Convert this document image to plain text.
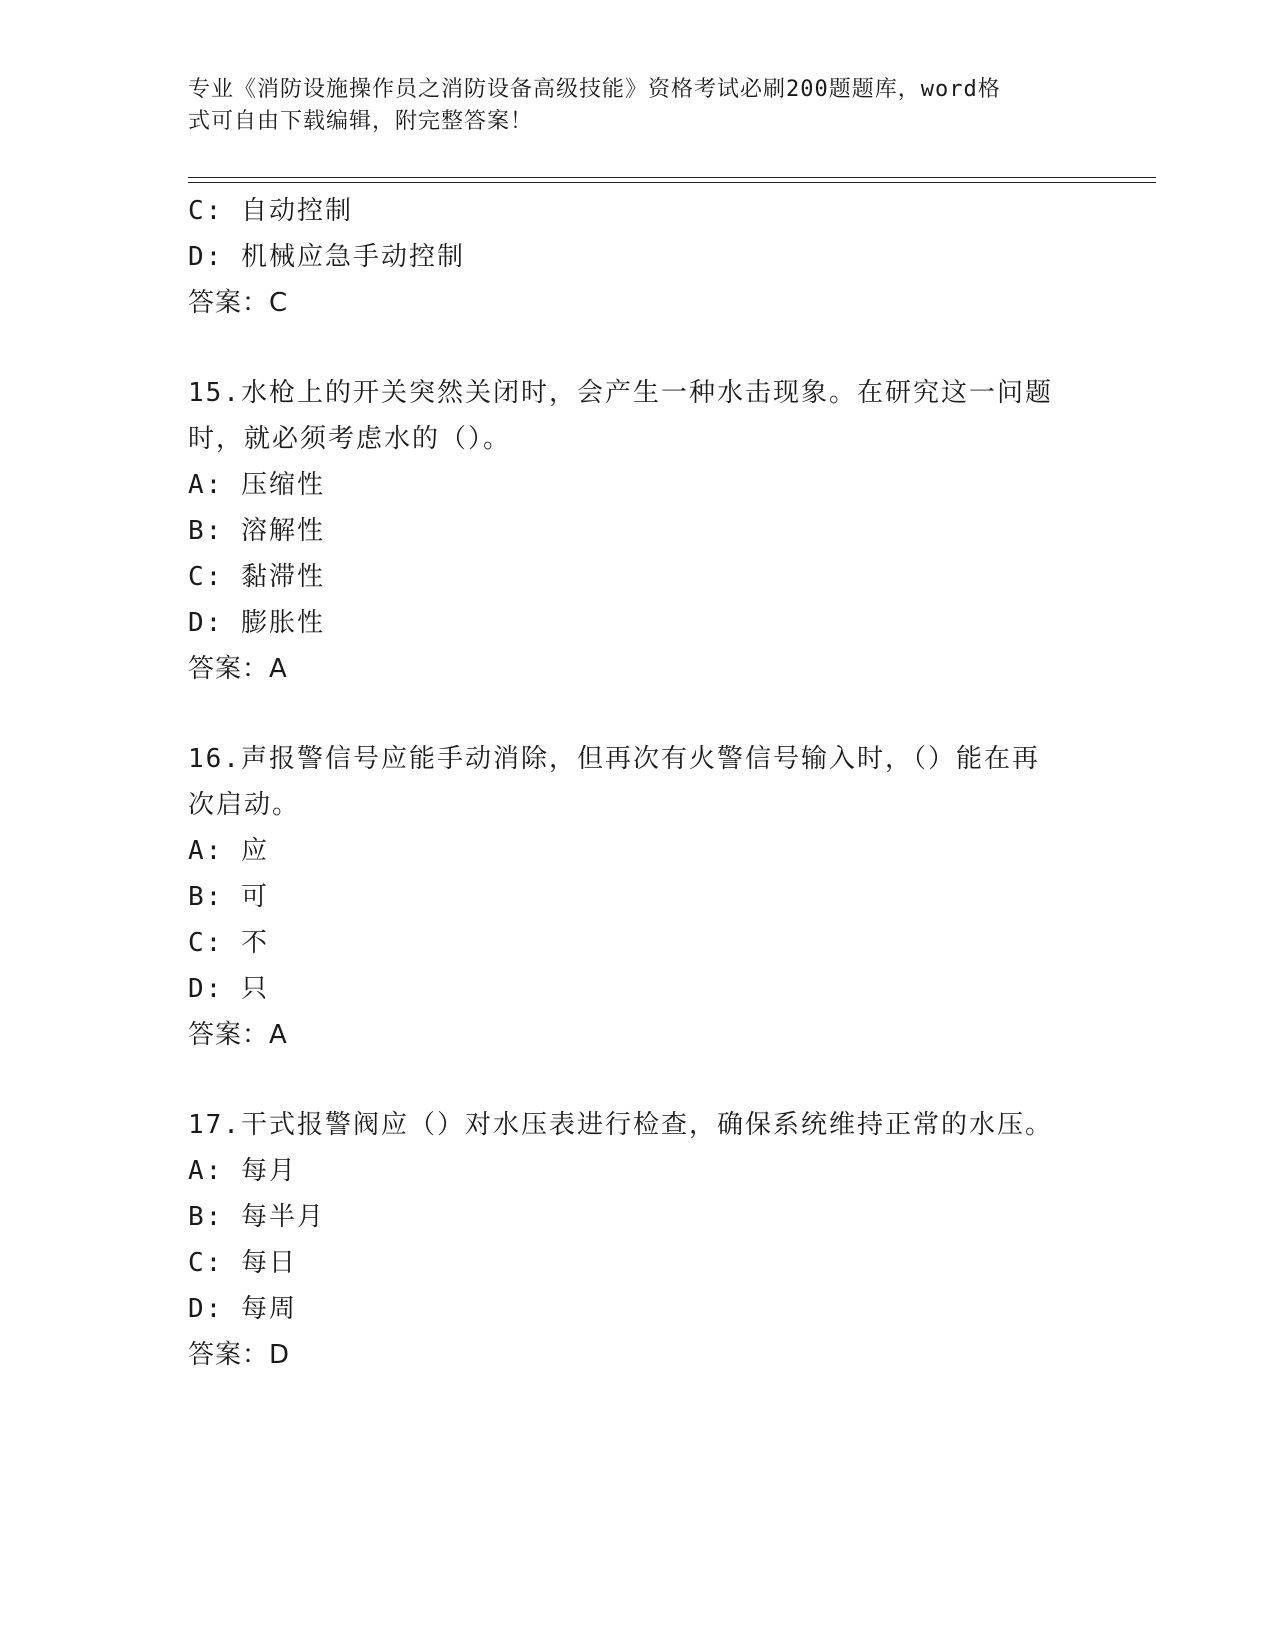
专业《消防设施操作员之消防设备高级技能》资格考试必刷200题题库，word格
式可自由下载编辑，附完整答案！
C: 自动控制
D: 机械应急手动控制
答案：C
15.水枪上的开关突然关闭时，会产生一种水击现象。在研究这一问题
时，就必须考虑水的（）。
A: 压缩性
B: 溶解性
C: 黏滞性
D: 膨胀性
答案：A
16.声报警信号应能手动消除，但再次有火警信号输入时，（）能在再
次启动。
A: 应
B: 可
C: 不
D: 只
答案：A
17.干式报警阀应（）对水压表进行检查，确保系统维持正常的水压。
A: 每月
B: 每半月
C: 每日
D: 每周
答案：D
